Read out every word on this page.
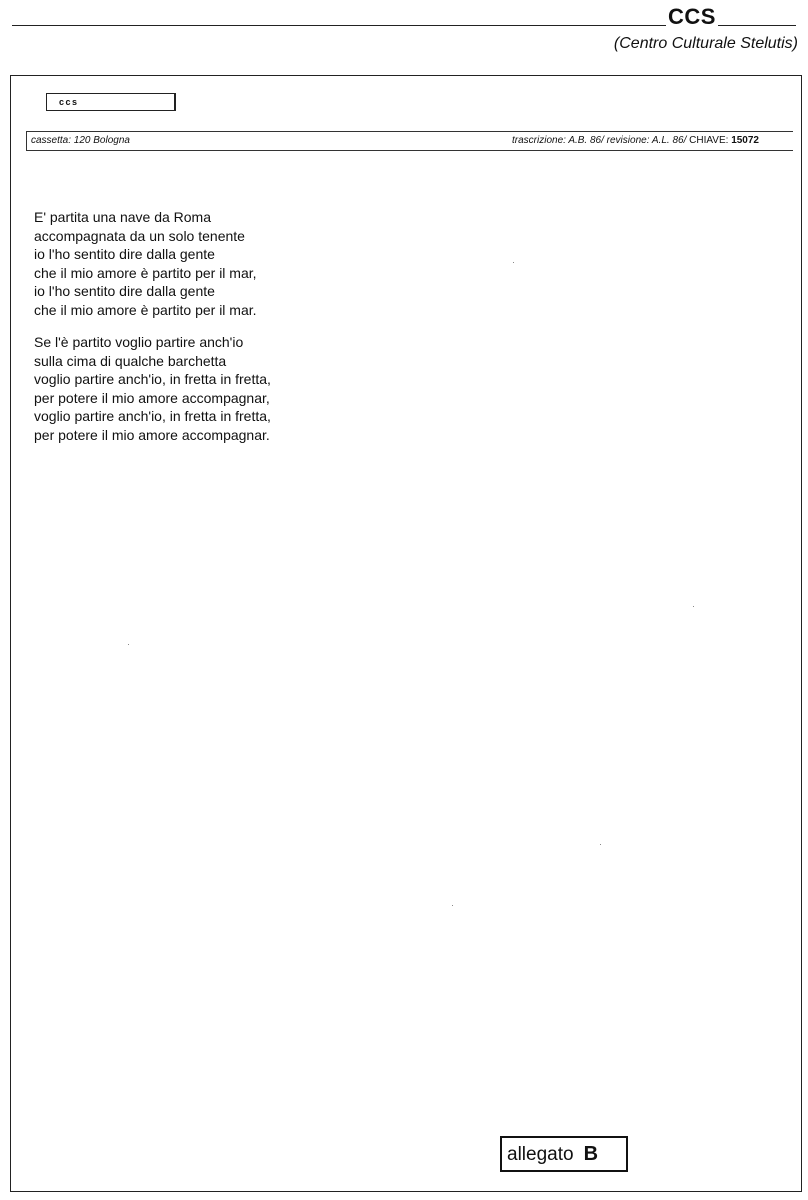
CCS
(Centro Culturale Stelutis)
ccs
cassetta: 120 Bologna	trascrizione: A.B. 86/ revisione: A.L. 86/ CHIAVE: 15072
E' partita una nave da Roma
accompagnata da un solo tenente
io l'ho sentito dire dalla gente
che il mio amore è partito per il mar,
io l'ho sentito dire dalla gente
che il mio amore è partito per il mar.
Se l'è partito voglio partire anch'io
sulla cima di qualche barchetta
voglio partire anch'io, in fretta in fretta,
per potere il mio amore accompagnar,
voglio partire anch'io, in fretta in fretta,
per potere il mio amore accompagnar.
allegato B
